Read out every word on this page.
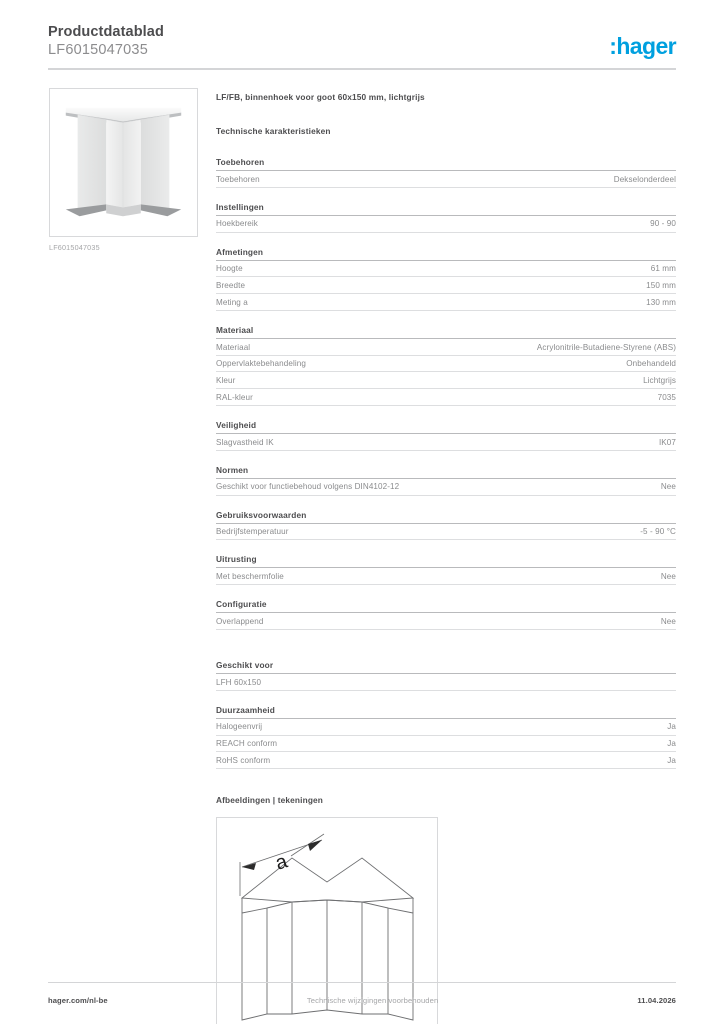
Productdatablad
LF6015047035	:hager
LF6015047035
LF/FB, binnenhoek voor goot 60x150 mm, lichtgrijs
Technische karakteristieken
Toebehoren
Toebehoren	Dekselonderdeel
Instellingen
Hoekbereik	90 - 90
Afmetingen
Hoogte	61 mm
Breedte	150 mm
Meting a	130 mm
Materiaal
Materiaal	Acrylonitrile-Butadiene-Styrene (ABS)
Oppervlaktebehandeling	Onbehandeld
Kleur	Lichtgrijs
RAL-kleur	7035
Veiligheid
Slagvastheid IK	IK07
Normen
Geschikt voor functiebehoud volgens DIN4102-12	Nee
Gebruiksvoorwaarden
Bedrijfstemperatuur	-5 - 90 °C
Uitrusting
Met beschermfolie	Nee
Configuratie
Overlappend	Nee
Geschikt voor
LFH 60x150
Duurzaamheid
Halogeenvrij	Ja
REACH conform	Ja
RoHS conform	Ja
Afbeeldingen | tekeningen
a
hager.com/nl-be	Technische wijzigingen voorbehouden	11.04.2026
